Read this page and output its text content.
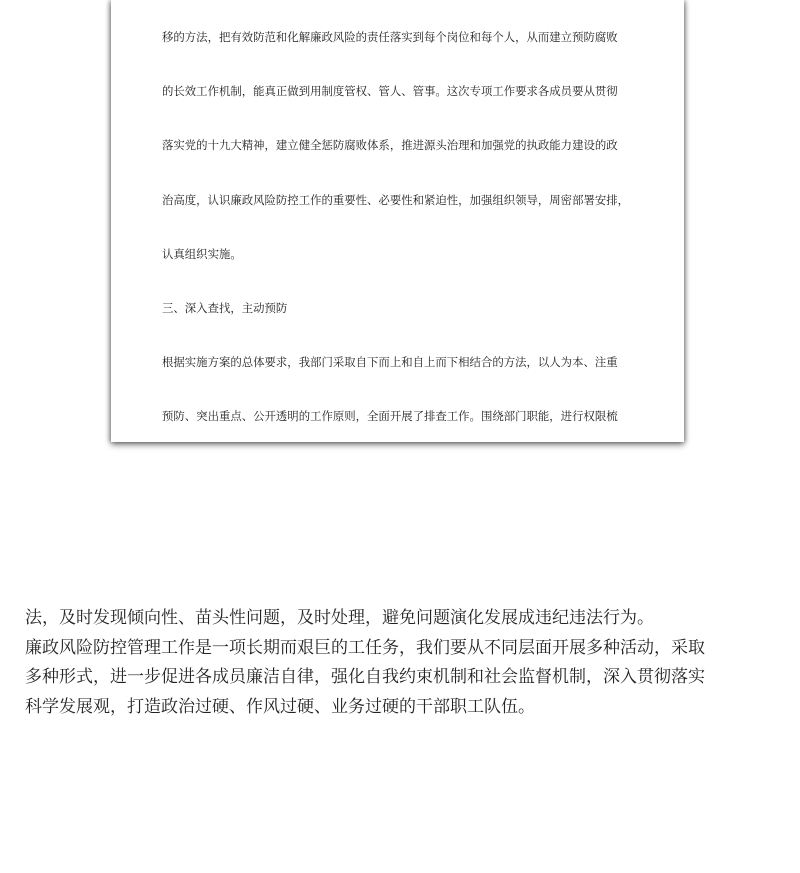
移的方法，把有效防范和化解廉政风险的责任落实到每个岗位和每个人，从而建立预防腐败

的长效工作机制，能真正做到用制度管权、管人、管事。这次专项工作要求各成员要从贯彻

落实党的十九大精神，建立健全惩防腐败体系，推进源头治理和加强党的执政能力建设的政

治高度，认识廉政风险防控工作的重要性、必要性和紧迫性，加强组织领导，周密部署安排，

认真组织实施。

三、深入查找，主动预防

根据实施方案的总体要求，我部门采取自下而上和自上而下相结合的方法，以人为本、注重

预防、突出重点、公开透明的工作原则，全面开展了排查工作。围绕部门职能，进行权限梳

法，及时发现倾向性、苗头性问题，及时处理，避免问题演化发展成违纪违法行为。
廉政风险防控管理工作是一项长期而艰巨的工任务，我们要从不同层面开展多种活动，采取
多种形式，进一步促进各成员廉洁自律，强化自我约束机制和社会监督机制，深入贯彻落实
科学发展观，打造政治过硬、作风过硬、业务过硬的干部职工队伍。
